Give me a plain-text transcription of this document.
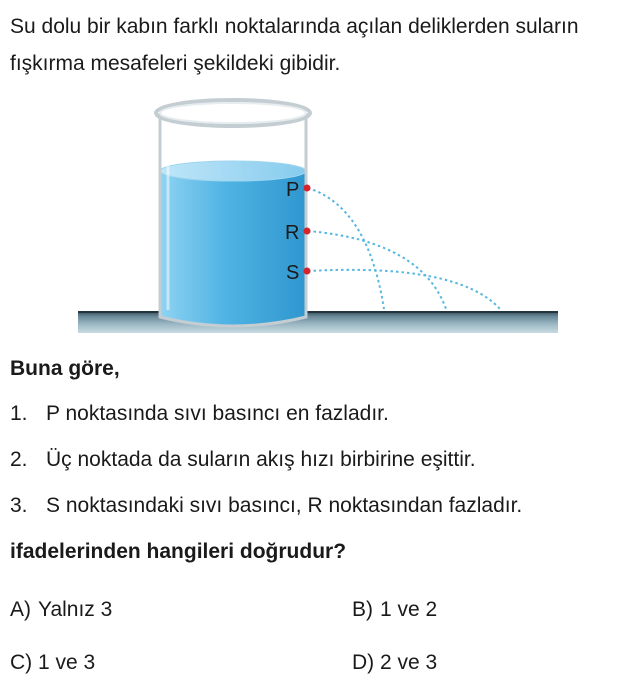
Su dolu bir kabın farklı noktalarında açılan deliklerden suların fışkırma mesafeleri şekildeki gibidir.
P
R
S
Buna göre,
1. P noktasında sıvı basıncı en fazladır.
2. Üç noktada da suların akış hızı birbirine eşittir.
3. S noktasındaki sıvı basıncı, R noktasından fazladır.
ifadelerinden hangileri doğrudur?
A) Yalnız 3	B) 1 ve 2
C) 1 ve 3	D) 2 ve 3
